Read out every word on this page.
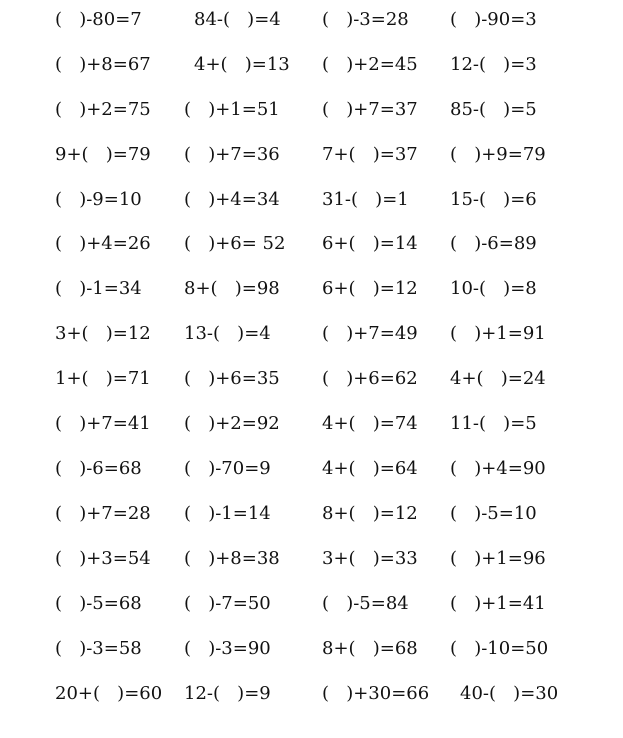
(   )-80=7	84-(   )=4 (   )-3=28 (   )-90=3
(   )+8=67 4+(   )=13 (   )+2=45 12-(   )=3
(   )+2=75 (   )+1=51 (   )+7=37 85-(   )=5
9+(   )=79 (   )+7=36 7+(   )=37 (   )+9=79
(   )-9=10 (   )+4=34 31-(   )=1 15-(   )=6
(   )+4=26 (   )+6= 52 6+(   )=14 (   )-6=89
(   )-1=34 8+(   )=98 6+(   )=12 10-(   )=8
3+(   )=12 13-(   )=4	(   )+7=49 (   )+1=91
1+(   )=71 (   )+6=35 (   )+6=62 4+(   )=24
(   )+7=41 (   )+2=92 4+(   )=74 11-(   )=5
(   )-6=68 (   )-70=9	4+(   )=64 (   )+4=90
(   )+7=28 (   )-1=14	8+(   )=12 (   )-5=10
(   )+3=54 (   )+8=38 3+(   )=33 (   )+1=96
(   )-5=68 (   )-7=50	(   )-5=84 (   )+1=41
(   )-3=58 (   )-3=90	8+(   )=68 (   )-10=50
20+(   )=60 12-(   )=9	(   )+30=66 40-(   )=30
